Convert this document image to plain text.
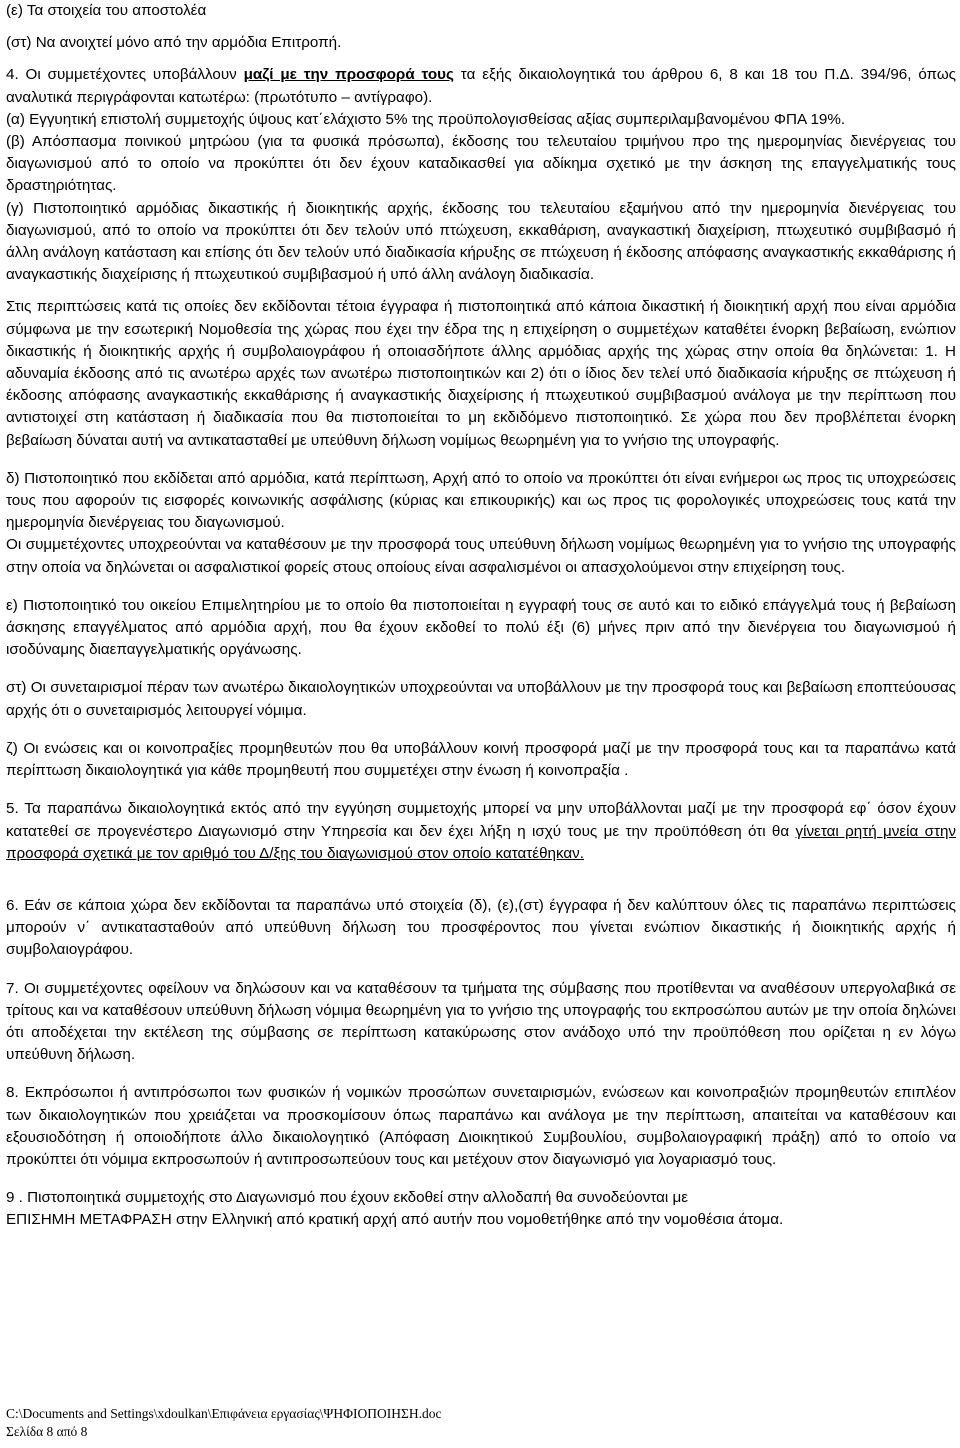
(ε) Τα στοιχεία του αποστολέα

(στ) Να ανοιχτεί μόνο από την αρμόδια Επιτροπή.

4. Οι συμμετέχοντες υποβάλλουν μαζί με την προσφορά τους τα εξής δικαιολογητικά του άρθρου 6, 8 και 18 του Π.Δ. 394/96, όπως αναλυτικά περιγράφονται κατωτέρω: (πρωτότυπο – αντίγραφο).

(α) Εγγυητική επιστολή συμμετοχής ύψους κατ΄ελάχιστο 5% της προϋπολογισθείσας αξίας συμπεριλαμβανομένου ΦΠΑ 19%.

(β) Απόσπασμα ποινικού μητρώου (για τα φυσικά πρόσωπα), έκδοσης του τελευταίου τριμήνου προ της ημερομηνίας διενέργειας του διαγωνισμού από το οποίο να προκύπτει ότι δεν έχουν καταδικασθεί για αδίκημα σχετικό με την άσκηση της επαγγελματικής τους δραστηριότητας.

(γ) Πιστοποιητικό αρμόδιας δικαστικής ή διοικητικής αρχής, έκδοσης του τελευταίου εξαμήνου από την ημερομηνία διενέργειας του διαγωνισμού, από το οποίο να προκύπτει ότι δεν τελούν υπό πτώχευση, εκκαθάριση, αναγκαστική διαχείριση, πτωχευτικό συμβιβασμό ή άλλη ανάλογη κατάσταση και επίσης ότι δεν τελούν υπό διαδικασία κήρυξης σε πτώχευση ή έκδοσης απόφασης αναγκαστικής εκκαθάρισης ή αναγκαστικής διαχείρισης ή πτωχευτικού συμβιβασμού ή υπό άλλη ανάλογη διαδικασία.

Στις περιπτώσεις κατά τις οποίες δεν εκδίδονται τέτοια έγγραφα ή πιστοποιητικά από κάποια δικαστική ή διοικητική αρχή που είναι αρμόδια σύμφωνα με την εσωτερική Νομοθεσία της χώρας που έχει την έδρα της η επιχείρηση ο συμμετέχων καταθέτει ένορκη βεβαίωση, ενώπιον δικαστικής ή διοικητικής αρχής ή συμβολαιογράφου ή οποιασδήποτε άλλης αρμόδιας αρχής της χώρας στην οποία θα δηλώνεται: 1. Η αδυναμία έκδοσης από τις ανωτέρω αρχές των ανωτέρω πιστοποιητικών και 2) ότι ο ίδιος δεν τελεί υπό διαδικασία κήρυξης σε πτώχευση ή έκδοσης απόφασης αναγκαστικής εκκαθάρισης ή αναγκαστικής διαχείρισης ή πτωχευτικού συμβιβασμού ανάλογα με την περίπτωση που αντιστοιχεί στη κατάσταση ή διαδικασία που θα πιστοποιείται το μη εκδιδόμενο πιστοποιητικό. Σε χώρα που δεν προβλέπεται ένορκη βεβαίωση δύναται αυτή να αντικατασταθεί με υπεύθυνη δήλωση νομίμως θεωρημένη για το γνήσιο της υπογραφής.

δ) Πιστοποιητικό που εκδίδεται από αρμόδια, κατά περίπτωση, Αρχή από το οποίο να προκύπτει ότι είναι ενήμεροι ως προς τις υποχρεώσεις τους που αφορούν τις εισφορές κοινωνικής ασφάλισης (κύριας και επικουρικής) και ως προς τις φορολογικές υποχρεώσεις τους κατά την ημερομηνία διενέργειας του διαγωνισμού.

Οι συμμετέχοντες υποχρεούνται να καταθέσουν με την προσφορά τους υπεύθυνη δήλωση νομίμως θεωρημένη για το γνήσιο της υπογραφής στην οποία να δηλώνεται οι ασφαλιστικοί φορείς στους οποίους είναι ασφαλισμένοι οι απασχολούμενοι στην επιχείρηση τους.

ε) Πιστοποιητικό του οικείου Επιμελητηρίου με το οποίο θα πιστοποιείται η εγγραφή τους σε αυτό και το ειδικό επάγγελμά τους ή βεβαίωση άσκησης επαγγέλματος από αρμόδια αρχή, που θα έχουν εκδοθεί το πολύ έξι (6) μήνες πριν από την διενέργεια του διαγωνισμού ή ισοδύναμης διαεπαγγελματικής οργάνωσης.

στ) Οι συνεταιρισμοί πέραν των ανωτέρω δικαιολογητικών υποχρεούνται να υποβάλλουν με την προσφορά τους και βεβαίωση εποπτεύουσας αρχής ότι ο συνεταιρισμός λειτουργεί νόμιμα.

ζ) Οι ενώσεις και οι κοινοπραξίες προμηθευτών που θα υποβάλλουν κοινή προσφορά μαζί με την προσφορά τους και τα παραπάνω κατά περίπτωση δικαιολογητικά για κάθε προμηθευτή που συμμετέχει στην ένωση ή κοινοπραξία .

5. Τα παραπάνω δικαιολογητικά εκτός από την εγγύηση συμμετοχής μπορεί να μην υποβάλλονται μαζί με την προσφορά εφ΄ όσον έχουν κατατεθεί σε προγενέστερο Διαγωνισμό στην Υπηρεσία και δεν έχει λήξη η ισχύ τους με την προϋπόθεση ότι θα γίνεται ρητή μνεία στην προσφορά σχετικά με τον αριθμό του Δ/ξης του διαγωνισμού στον οποίο κατατέθηκαν.

6. Εάν σε κάποια χώρα δεν εκδίδονται τα παραπάνω υπό στοιχεία (δ), (ε),(στ) έγγραφα ή δεν καλύπτουν όλες τις παραπάνω περιπτώσεις μπορούν ν΄ αντικατασταθούν από υπεύθυνη δήλωση του προσφέροντος που γίνεται ενώπιον δικαστικής ή διοικητικής αρχής ή συμβολαιογράφου.

7. Οι συμμετέχοντες οφείλουν να δηλώσουν και να καταθέσουν τα τμήματα της σύμβασης που προτίθενται να αναθέσουν υπεργολαβικά σε τρίτους και να καταθέσουν υπεύθυνη δήλωση νόμιμα θεωρημένη για το γνήσιο της υπογραφής του εκπροσώπου αυτών με την οποία δηλώνει ότι αποδέχεται την εκτέλεση της σύμβασης σε περίπτωση κατακύρωσης στον ανάδοχο υπό την προϋπόθεση που ορίζεται η εν λόγω υπεύθυνη δήλωση.

8. Εκπρόσωποι ή αντιπρόσωποι των φυσικών ή νομικών προσώπων συνεταιρισμών, ενώσεων και κοινοπραξιών προμηθευτών επιπλέον των δικαιολογητικών που χρειάζεται να προσκομίσουν όπως παραπάνω και ανάλογα με την περίπτωση, απαιτείται να καταθέσουν και εξουσιοδότηση ή οποιοδήποτε άλλο δικαιολογητικό (Απόφαση Διοικητικού Συμβουλίου, συμβολαιογραφική πράξη) από το οποίο να προκύπτει ότι νόμιμα εκπροσωπούν ή αντιπροσωπεύουν τους και μετέχουν στον διαγωνισμό για λογαριασμό τους.

9 . Πιστοποιητικά συμμετοχής στο Διαγωνισμό που έχουν εκδοθεί στην αλλοδαπή θα συνοδεύονται με

ΕΠΙΣΗΜΗ ΜΕΤΑΦΡΑΣΗ στην Ελληνική από κρατική αρχή από αυτήν που νομοθετήθηκε από την νομοθέσια άτομα.

C:\Documents and Settings\xdoulkan\Επιφάνεια εργασίας\ΨΗΦΙΟΠΟΙΗΣΗ.doc
Σελίδα 8 από 8
